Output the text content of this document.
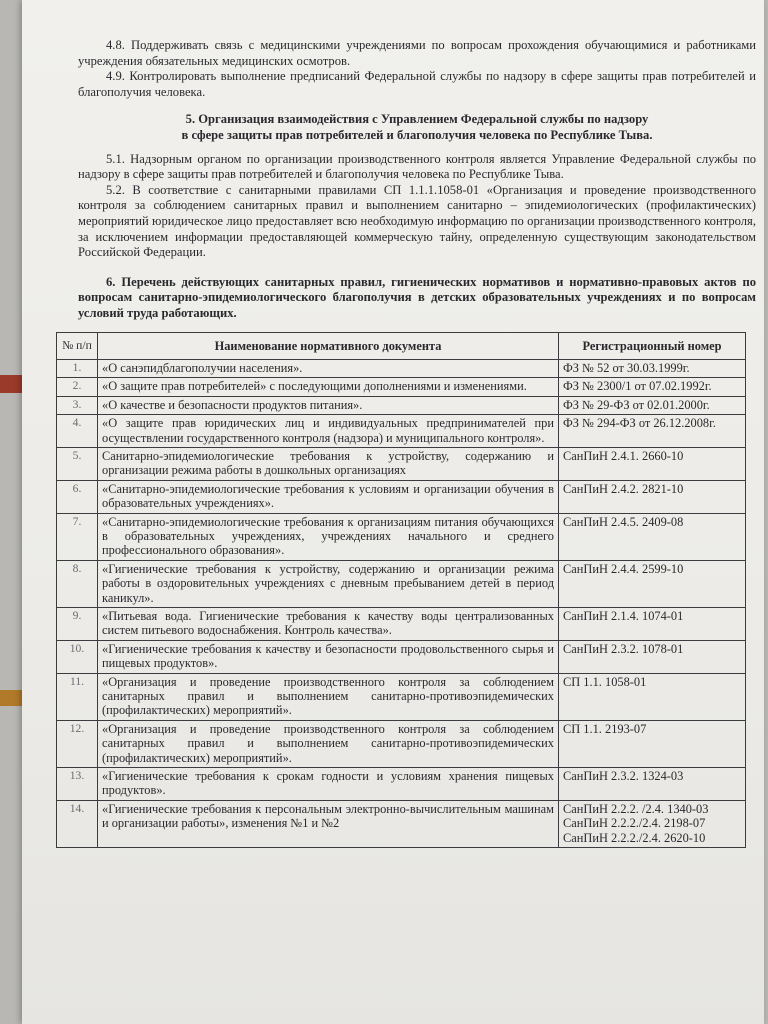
4.8. Поддерживать связь с медицинскими учреждениями по вопросам прохождения обучающимися и работниками учреждения обязательных медицинских осмотров.

4.9. Контролировать выполнение предписаний Федеральной службы по надзору в сфере защиты прав потребителей и благополучия человека.

5. Организация взаимодействия с Управлением Федеральной службы по надзору
в сфере защиты прав потребителей и благополучия человека по Республике Тыва.

5.1. Надзорным органом по организации производственного контроля является Управление Федеральной службы по надзору в сфере защиты прав потребителей и благополучия человека по Республике Тыва.

5.2. В соответствие с санитарными правилами СП 1.1.1.1058-01 «Организация и проведение производственного контроля за соблюдением санитарных правил и выполнением санитарно – эпидемиологических (профилактических) мероприятий юридическое лицо предоставляет всю необходимую информацию по организации производственного контроля, за исключением информации предоставляющей коммерческую тайну, определенную существующим законодательством Российской Федерации.

6. Перечень действующих санитарных правил, гигиенических нормативов и нормативно-правовых актов по вопросам санитарно-эпидемиологического благополучия в детских образовательных учреждениях и по вопросам условий труда работающих.
№ п/п	Наименование нормативного документа	Регистрационный номер
1.	«О санэпидблагополучии населения».	ФЗ № 52 от 30.03.1999г.

2.	«О защите прав потребителей» с последующими дополнениями и изменениями.	ФЗ № 2300/1 от 07.02.1992г.

3.	«О качестве и безопасности продуктов питания».	ФЗ № 29-ФЗ от 02.01.2000г.

4.	«О защите прав юридических лиц и индивидуальных предпринимателей при осуществлении государственного контроля (надзора) и муниципального контроля».	ФЗ № 294-ФЗ от 26.12.2008г.

5.	Санитарно-эпидемиологические требования к устройству, содержанию и организации режима работы в дошкольных организациях	СанПиН 2.4.1. 2660-10

6.	«Санитарно-эпидемиологические требования к условиям и организации обучения в образовательных учреждениях».	СанПиН 2.4.2. 2821-10

7.	«Санитарно-эпидемиологические требования к организациям питания обучающихся в образовательных учреждениях, учреждениях начального и среднего профессионального образования».	СанПиН 2.4.5. 2409-08

8.	«Гигиенические требования к устройству, содержанию и организации режима работы в оздоровительных учреждениях с дневным пребыванием детей в период каникул».	СанПиН 2.4.4. 2599-10

9.	«Питьевая вода. Гигиенические требования к качеству воды централизованных систем питьевого водоснабжения. Контроль качества».	СанПиН 2.1.4. 1074-01

10.	«Гигиенические требования к качеству и безопасности продовольственного сырья и пищевых продуктов».	СанПиН 2.3.2. 1078-01

11.	«Организация и проведение производственного контроля за соблюдением санитарных правил и выполнением санитарно-противоэпидемических (профилактических) мероприятий».	СП 1.1. 1058-01

12.	«Организация и проведение производственного контроля за соблюдением санитарных правил и выполнением санитарно-противоэпидемических (профилактических) мероприятий».	СП 1.1. 2193-07

13.	«Гигиенические требования к срокам годности и условиям хранения пищевых продуктов».	СанПиН 2.3.2. 1324-03

14.	«Гигиенические требования к персональным электронно-вычислительным машинам и организации работы», изменения №1 и №2	СанПиН 2.2.2. /2.4. 1340-03
СанПиН 2.2.2./2.4. 2198-07
СанПиН 2.2.2./2.4. 2620-10
